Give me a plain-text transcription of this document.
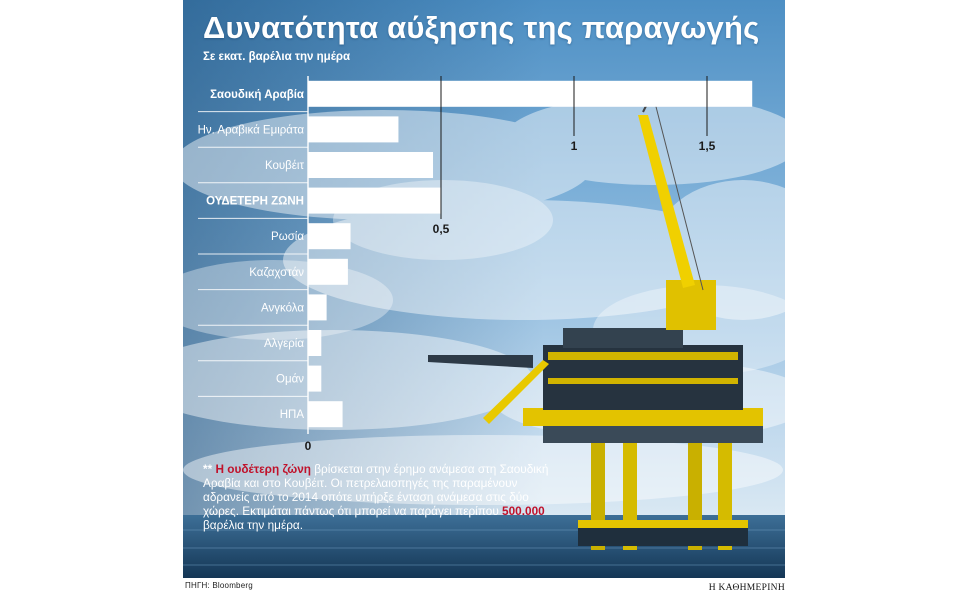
Δυνατότητα αύξησης της παραγωγής
Σε εκατ. βαρέλια την ημέρα
Σαουδική Αραβία
Ην. Αραβικά Εμιράτα
Κουβέιτ
ΟΥΔΕΤΕΡΗ ΖΩΝΗ
Ρωσία
Καζαχστάν
Ανγκόλα
Αλγερία
Ομάν
ΗΠΑ
0
0,5
1	1,5

** Η ουδέτερη ζώνη βρίσκεται στην έρημο ανάμεσα στη Σαουδική Αραβία και στο Κουβέιτ. Οι πετρελαιοπηγές της παραμένουν αδρανείς από το 2014 οπότε υπήρξε ένταση ανάμεσα στις δύο χώρες. Εκτιμάται πάντως ότι μπορεί να παράγει περίπου 500.000 βαρέλια την ημέρα.

ΠΗΓΗ: Bloomberg	Η ΚΑΘΗΜΕΡΙΝΗ
